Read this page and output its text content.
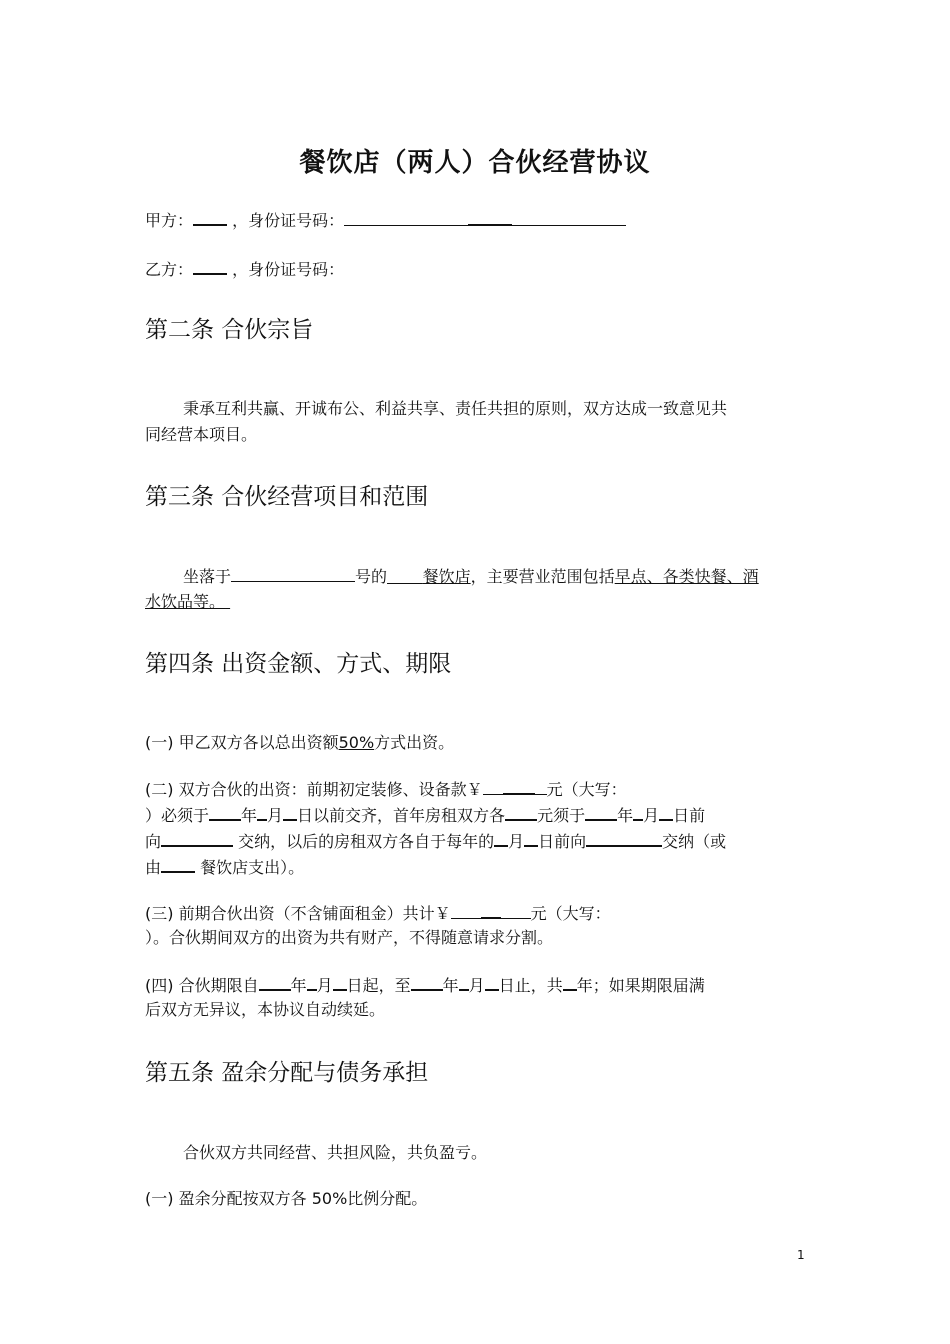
餐饮店（两人）合伙经营协议
甲方： ，身份证号码：
乙方： ，身份证号码：
第二条 合伙宗旨
秉承互利共赢、开诚布公、利益共享、责任共担的原则，双方达成一致意见共
同经营本项目。
第三条 合伙经营项目和范围
坐落于	号的 餐饮店，主要营业范围包括早点、各类快餐、酒
水饮品等。
第四条 出资金额、方式、期限
(一) 甲乙双方各以总出资额50%方式出资。
(二) 双方合伙的出资：前期初定装修、设备款￥	元（大写：
）必须于 年 月 日以前交齐，首年房租双方各 元须于 年 月 日前
向	交纳，以后的房租双方各自于每年的 月 日前向	交纳（或
由 餐饮店支出）。
(三) 前期合伙出资（不含铺面租金）共计￥	元（大写：
）。合伙期间双方的出资为共有财产，不得随意请求分割。
(四) 合伙期限自 年 月 日起，至 年 月 日止，共 年；如果期限届满
后双方无异议，本协议自动续延。
第五条 盈余分配与债务承担
合伙双方共同经营、共担风险，共负盈亏。
(一) 盈余分配按双方各 50%比例分配。
1
